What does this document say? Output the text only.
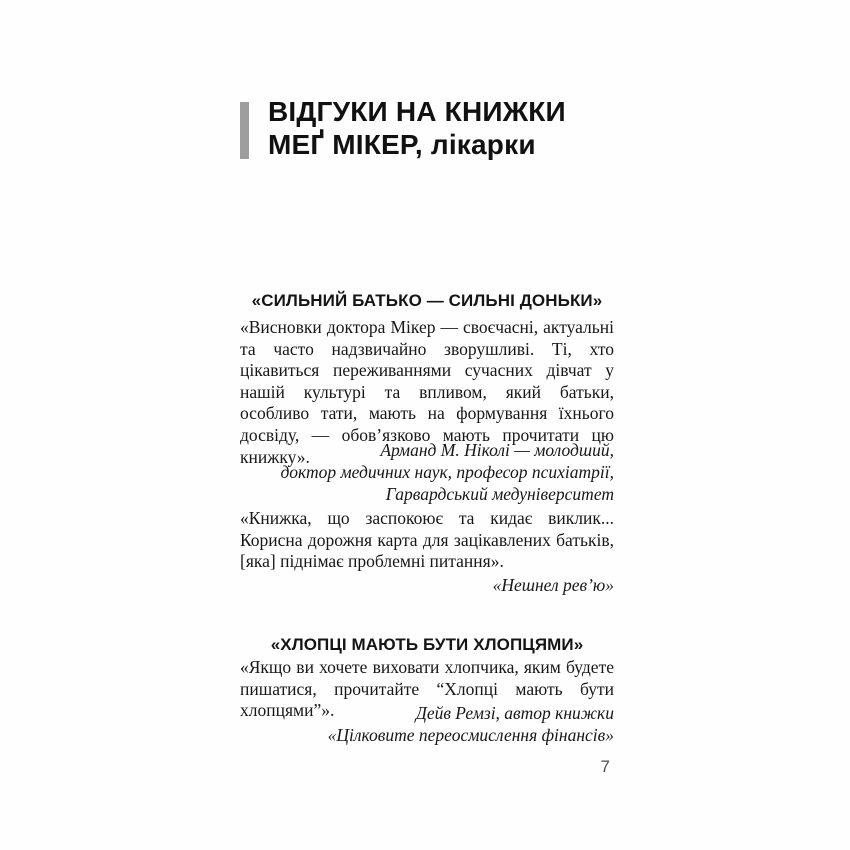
ВІДГУКИ НА КНИЖКИ
МЕҐ МІКЕР, лікарки
«СИЛЬНИЙ БАТЬКО — СИЛЬНІ ДОНЬКИ»
«Висновки доктора Мікер — своєчасні, актуальні та часто надзвичайно зворушливі. Ті, хто цікавиться переживаннями сучасних дівчат у нашій культурі та впливом, який батьки, особливо тати, мають на формування їхнього досвіду, — обов’язково мають прочитати цю книжку».	Арманд М. Ніколі — молодший,
доктор медичних наук, професор психіатрії,
Гарвардський медуніверситет
«Книжка, що заспокоює та кидає виклик... Корисна дорожня карта для зацікавлених батьків, [яка] піднімає проблемні питання».
«Нешнел рев’ю»
«ХЛОПЦІ МАЮТЬ БУТИ ХЛОПЦЯМИ»
«Якщо ви хочете виховати хлопчика, яким будете пишатися, прочитайте “Хлопці мають бути хлопцями”».	Дейв Ремзі, автор книжки
«Цілковите переосмислення фінансів»
7
